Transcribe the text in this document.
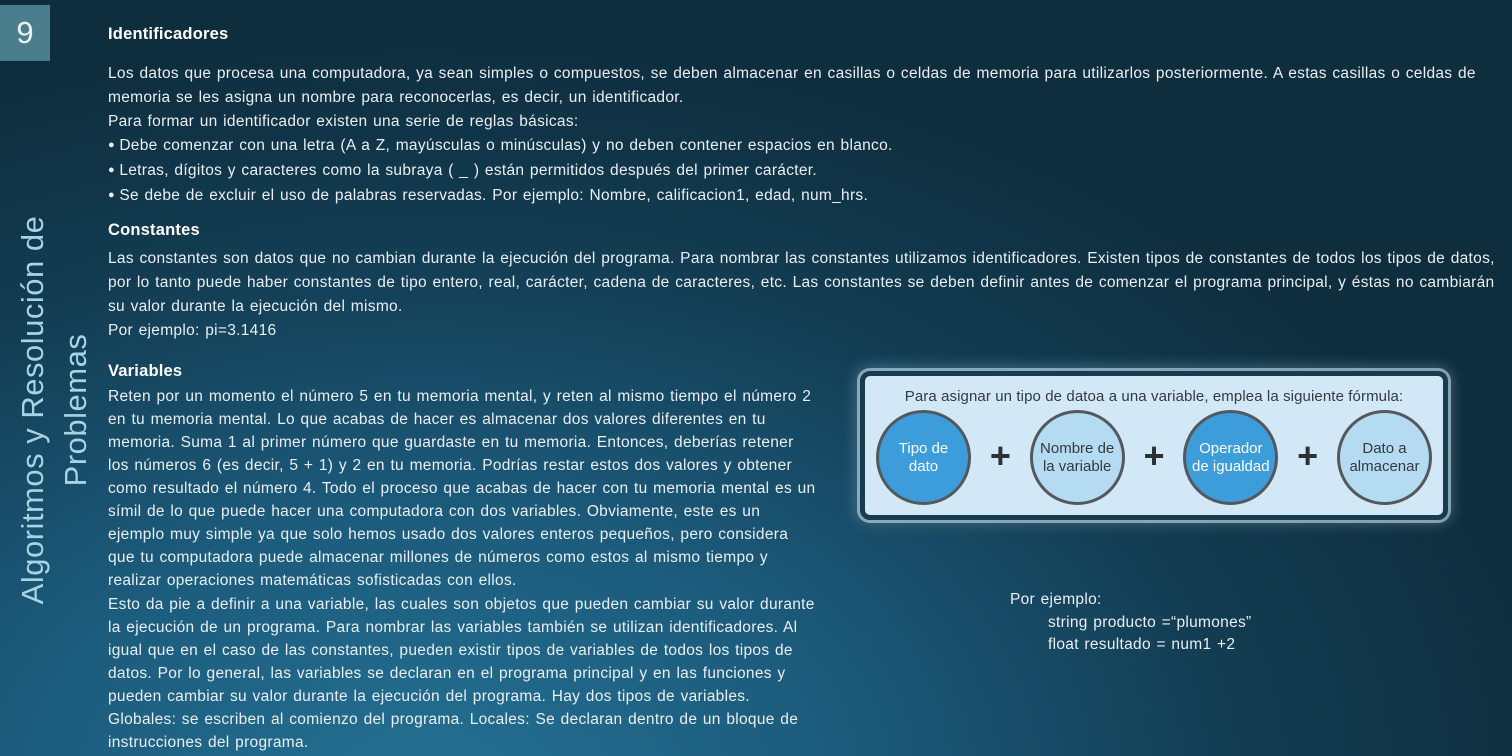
9
Algoritmos y Resolución de Problemas
Identificadores

Los datos que procesa una computadora, ya sean simples o compuestos, se deben almacenar en casillas o celdas de memoria para utilizarlos posteriormente. A estas casillas o celdas de memoria se les asigna un nombre para reconocerlas, es decir, un identificador.

Para formar un identificador existen una serie de reglas básicas:

● Debe comenzar con una letra (A a Z, mayúsculas o minúsculas) y no deben contener espacios en blanco.
● Letras, dígitos y caracteres como la subraya ( _ ) están permitidos después del primer carácter.
● Se debe de excluir el uso de palabras reservadas. Por ejemplo: Nombre, calificacion1, edad, num_hrs.
Constantes

Las constantes son datos que no cambian durante la ejecución del programa. Para nombrar las constantes utilizamos identificadores. Existen tipos de constantes de todos los tipos de datos, por lo tanto puede haber constantes de tipo entero, real, carácter, cadena de caracteres, etc. Las constantes se deben definir antes de comenzar el programa principal, y éstas no cambiarán su valor durante la ejecución del mismo.

Por ejemplo: pi=3.1416

Variables

Reten por un momento el número 5 en tu memoria mental, y reten al mismo tiempo el número 2 en tu memoria mental. Lo que acabas de hacer es almacenar dos valores diferentes en tu memoria. Suma 1 al primer número que guardaste en tu memoria. Entonces, deberías retener los números 6 (es decir, 5 + 1) y 2 en tu memoria. Podrías restar estos dos valores y obtener como resultado el número 4. Todo el proceso que acabas de hacer con tu memoria mental es un símil de lo que puede hacer una computadora con dos variables. Obviamente, este es un ejemplo muy simple ya que solo hemos usado dos valores enteros pequeños, pero considera que tu computadora puede almacenar millones de números como estos al mismo tiempo y realizar operaciones matemáticas sofisticadas con ellos.

Esto da pie a definir a una variable, las cuales son objetos que pueden cambiar su valor durante la ejecución de un programa. Para nombrar las variables también se utilizan identificadores. Al igual que en el caso de las constantes, pueden existir tipos de variables de todos los tipos de datos. Por lo general, las variables se declaran en el programa principal y en las funciones y pueden cambiar su valor durante la ejecución del programa. Hay dos tipos de variables. Globales: se escriben al comienzo del programa. Locales: Se declaran dentro de un bloque de instrucciones del programa.

Para asignar un tipo de datoa a una variable, emplea la siguiente fórmula:
Tipo de dato	+ Nombre de la variable +	Operador de igualdad +	Dato a almacenar
Por ejemplo:
string producto =“plumones”
float resultado = num1 +2
